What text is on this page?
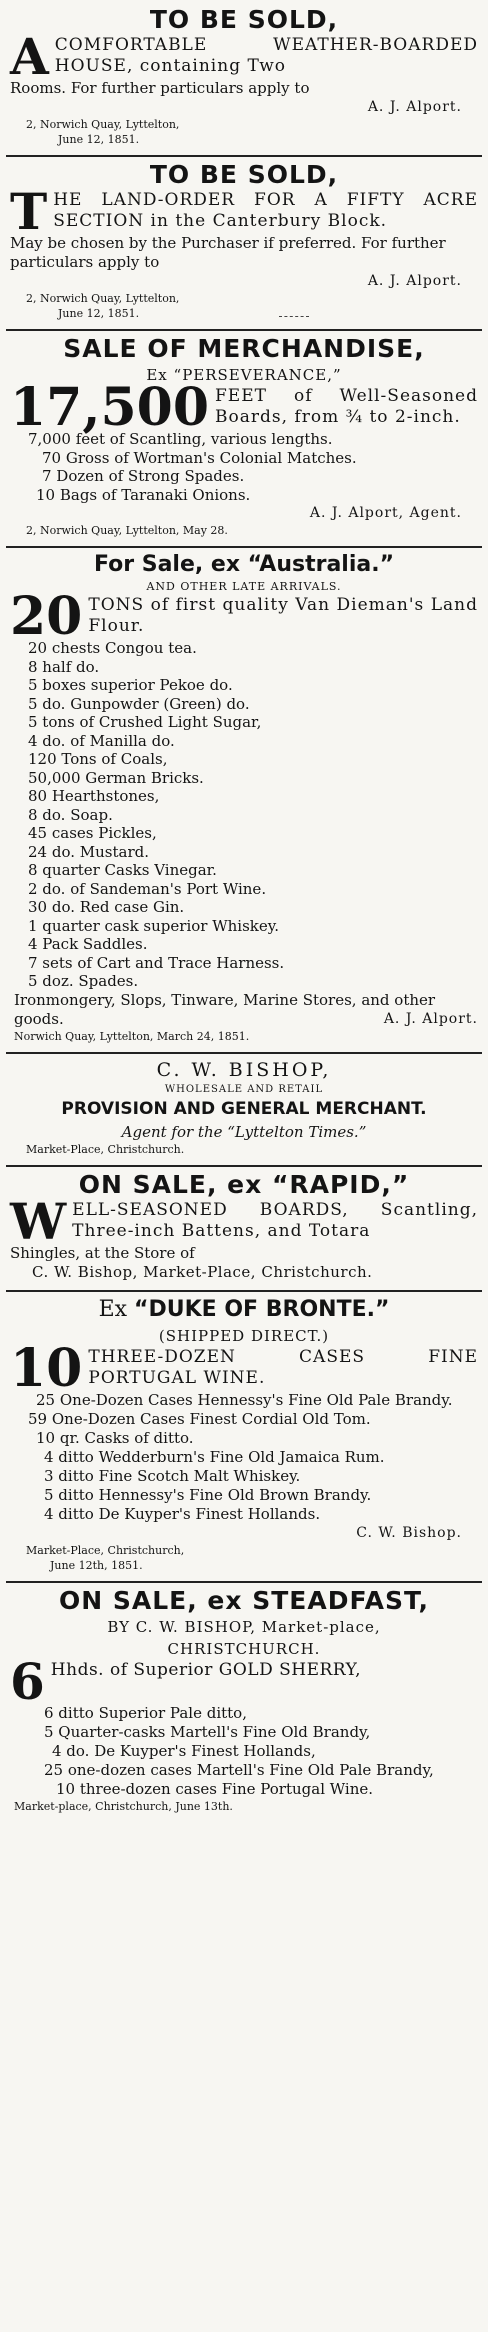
TO BE SOLD,
A COMFORTABLE WEATHER-BOARDED HOUSE, containing Two
Rooms. For further particulars apply to
A. J. Alport.
2, Norwich Quay, Lyttelton,
June 12, 1851.
TO BE SOLD,
T HE LAND-ORDER FOR A FIFTY ACRE SECTION in the Canterbury Block.
May be chosen by the Purchaser if preferred. For further particulars apply to
A. J. Alport.
2, Norwich Quay, Lyttelton,
June 12, 1851.
SALE OF MERCHANDISE,
Ex “PERSEVERANCE,”
17,500 FEET of Well-Seasoned Boards, from ¾ to 2-inch.
7,000 feet of Scantling, various lengths.
70 Gross of Wortman's Colonial Matches.
7 Dozen of Strong Spades.
10 Bags of Taranaki Onions.
A. J. Alport, Agent.
2, Norwich Quay, Lyttelton, May 28.
For Sale, ex “Australia.”
AND OTHER LATE ARRIVALS.
20 TONS of first quality Van Dieman's Land Flour.
20 chests Congou tea.
8 half do.
5 boxes superior Pekoe do.
5 do. Gunpowder (Green) do.
5 tons of Crushed Light Sugar,
4 do. of Manilla do.
120 Tons of Coals,
50,000 German Bricks.
80 Hearthstones,
8 do. Soap.
45 cases Pickles,
24 do. Mustard.
8 quarter Casks Vinegar.
2 do. of Sandeman's Port Wine.
30 do. Red case Gin.
1 quarter cask superior Whiskey.
4 Pack Saddles.
7 sets of Cart and Trace Harness.
5 doz. Spades.
Ironmongery, Slops, Tinware, Marine Stores, and other goods.	A. J. Alport.
Norwich Quay, Lyttelton, March 24, 1851.
C. W. BISHOP,
WHOLESALE AND RETAIL
PROVISION AND GENERAL MERCHANT.
Agent for the “Lyttelton Times.”
Market-Place, Christchurch.
ON SALE, ex “RAPID,”
W ELL-SEASONED BOARDS, Scantling, Three-inch Battens, and Totara
Shingles, at the Store of
C. W. Bishop, Market-Place, Christchurch.
Ex “DUKE OF BRONTE.”
(SHIPPED DIRECT.)
10 THREE-DOZEN CASES FINE PORTUGAL WINE.
25 One-Dozen Cases Hennessy's Fine Old Pale Brandy.
59 One-Dozen Cases Finest Cordial Old Tom.
10 qr. Casks of ditto.
4 ditto Wedderburn's Fine Old Jamaica Rum.
3 ditto Fine Scotch Malt Whiskey.
5 ditto Hennessy's Fine Old Brown Brandy.
4 ditto De Kuyper's Finest Hollands.
C. W. Bishop.
Market-Place, Christchurch,
June 12th, 1851.
ON SALE, ex STEADFAST,
BY C. W. BISHOP, Market-place,
CHRISTCHURCH.
6 Hhds. of Superior GOLD SHERRY,
6 ditto Superior Pale ditto,
5 Quarter-casks Martell's Fine Old Brandy,
4 do. De Kuyper's Finest Hollands,
25 one-dozen cases Martell's Fine Old Pale Brandy,
10 three-dozen cases Fine Portugal Wine.
Market-place, Christchurch, June 13th.
